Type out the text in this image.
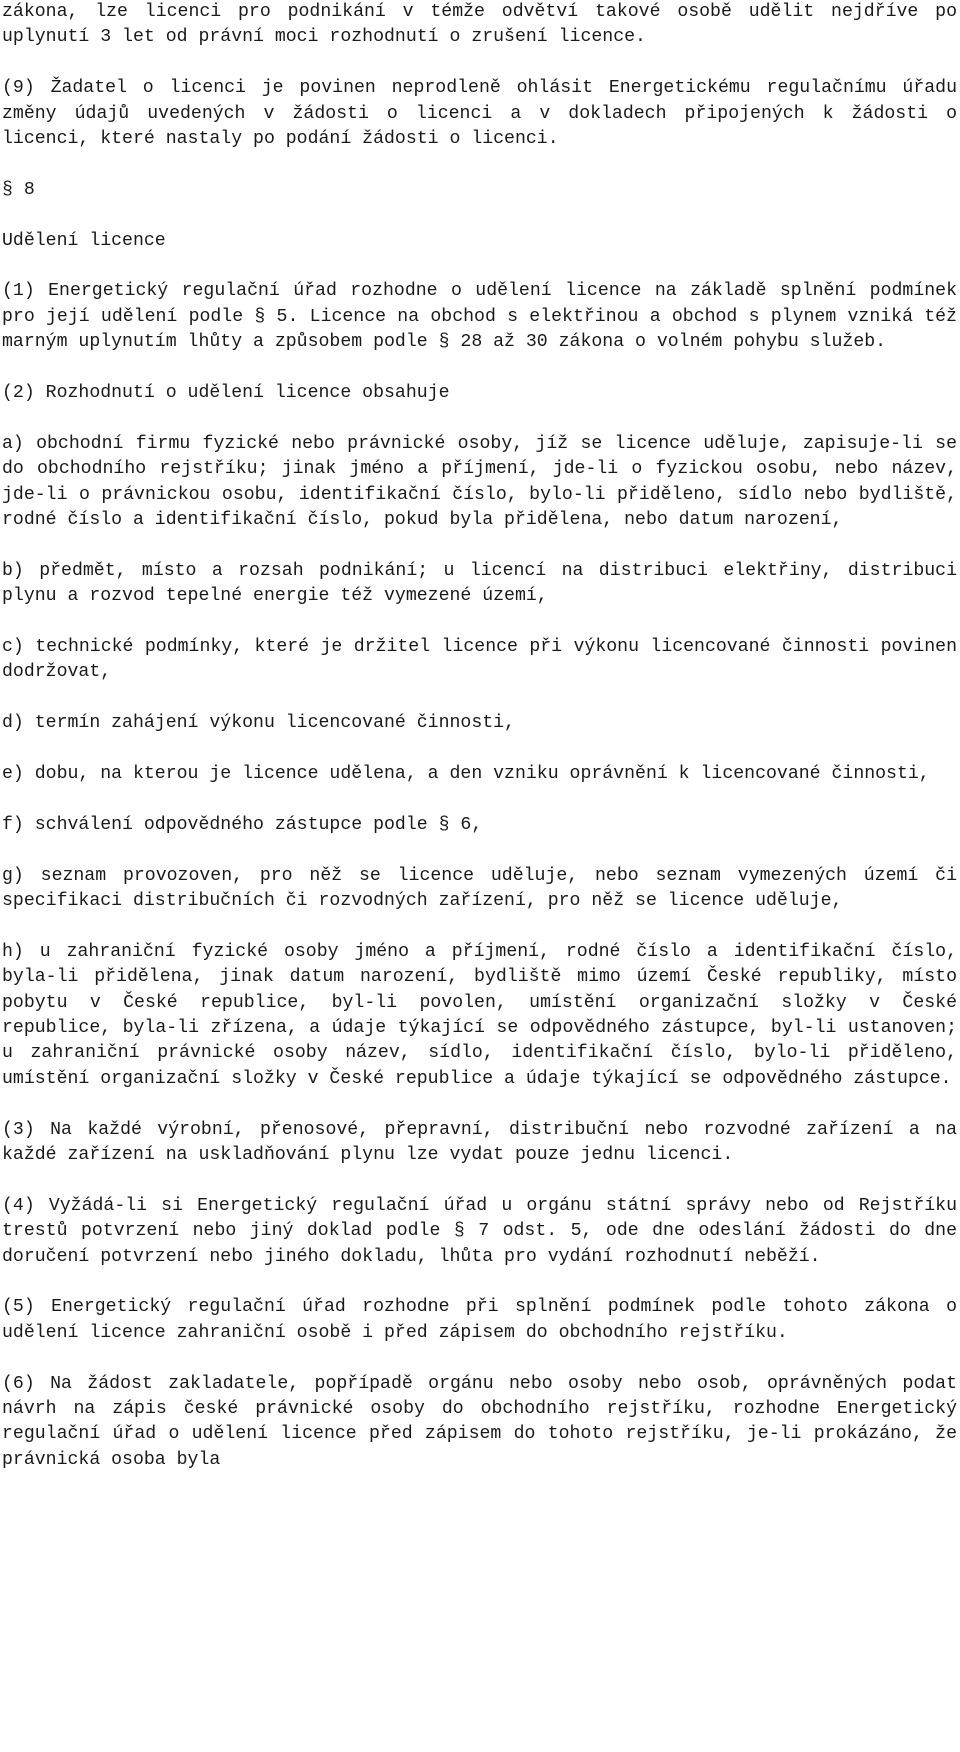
zákona, lze licenci pro podnikání v témže odvětví takové osobě udělit nejdříve po uplynutí 3 let od právní moci rozhodnutí o zrušení licence.

(9) Žadatel o licenci je povinen neprodleně ohlásit Energetickému regulačnímu úřadu změny údajů uvedených v žádosti o licenci a v dokladech připojených k žádosti o licenci, které nastaly po podání žádosti o licenci.

§ 8

Udělení licence

(1) Energetický regulační úřad rozhodne o udělení licence na základě splnění podmínek pro její udělení podle § 5. Licence na obchod s elektřinou a obchod s plynem vzniká též marným uplynutím lhůty a způsobem podle § 28 až 30 zákona o volném pohybu služeb.

(2) Rozhodnutí o udělení licence obsahuje

a) obchodní firmu fyzické nebo právnické osoby, jíž se licence uděluje, zapisuje-li se do obchodního rejstříku; jinak jméno a příjmení, jde-li o fyzickou osobu, nebo název, jde-li o právnickou osobu, identifikační číslo, bylo-li přiděleno, sídlo nebo bydliště, rodné číslo a identifikační číslo, pokud byla přidělena, nebo datum narození,

b) předmět, místo a rozsah podnikání; u licencí na distribuci elektřiny, distribuci plynu a rozvod tepelné energie též vymezené území,

c) technické podmínky, které je držitel licence při výkonu licencované činnosti povinen dodržovat,

d) termín zahájení výkonu licencované činnosti,

e) dobu, na kterou je licence udělena, a den vzniku oprávnění k licencované činnosti,

f) schválení odpovědného zástupce podle § 6,

g) seznam provozoven, pro něž se licence uděluje, nebo seznam vymezených území či specifikaci distribučních či rozvodných zařízení, pro něž se licence uděluje,

h) u zahraniční fyzické osoby jméno a příjmení, rodné číslo a identifikační číslo, byla-li přidělena, jinak datum narození, bydliště mimo území České republiky, místo pobytu v České republice, byl-li povolen, umístění organizační složky v České republice, byla-li zřízena, a údaje týkající se odpovědného zástupce, byl-li ustanoven; u zahraniční právnické osoby název, sídlo, identifikační číslo, bylo-li přiděleno, umístění organizační složky v České republice a údaje týkající se odpovědného zástupce.

(3) Na každé výrobní, přenosové, přepravní, distribuční nebo rozvodné zařízení a na každé zařízení na uskladňování plynu lze vydat pouze jednu licenci.

(4) Vyžádá-li si Energetický regulační úřad u orgánu státní správy nebo od Rejstříku trestů potvrzení nebo jiný doklad podle § 7 odst. 5, ode dne odeslání žádosti do dne doručení potvrzení nebo jiného dokladu, lhůta pro vydání rozhodnutí neběží.

(5) Energetický regulační úřad rozhodne při splnění podmínek podle tohoto zákona o udělení licence zahraniční osobě i před zápisem do obchodního rejstříku.

(6) Na žádost zakladatele, popřípadě orgánu nebo osoby nebo osob, oprávněných podat návrh na zápis české právnické osoby do obchodního rejstříku, rozhodne Energetický regulační úřad o udělení licence před zápisem do tohoto rejstříku, je-li prokázáno, že právnická osoba byla
